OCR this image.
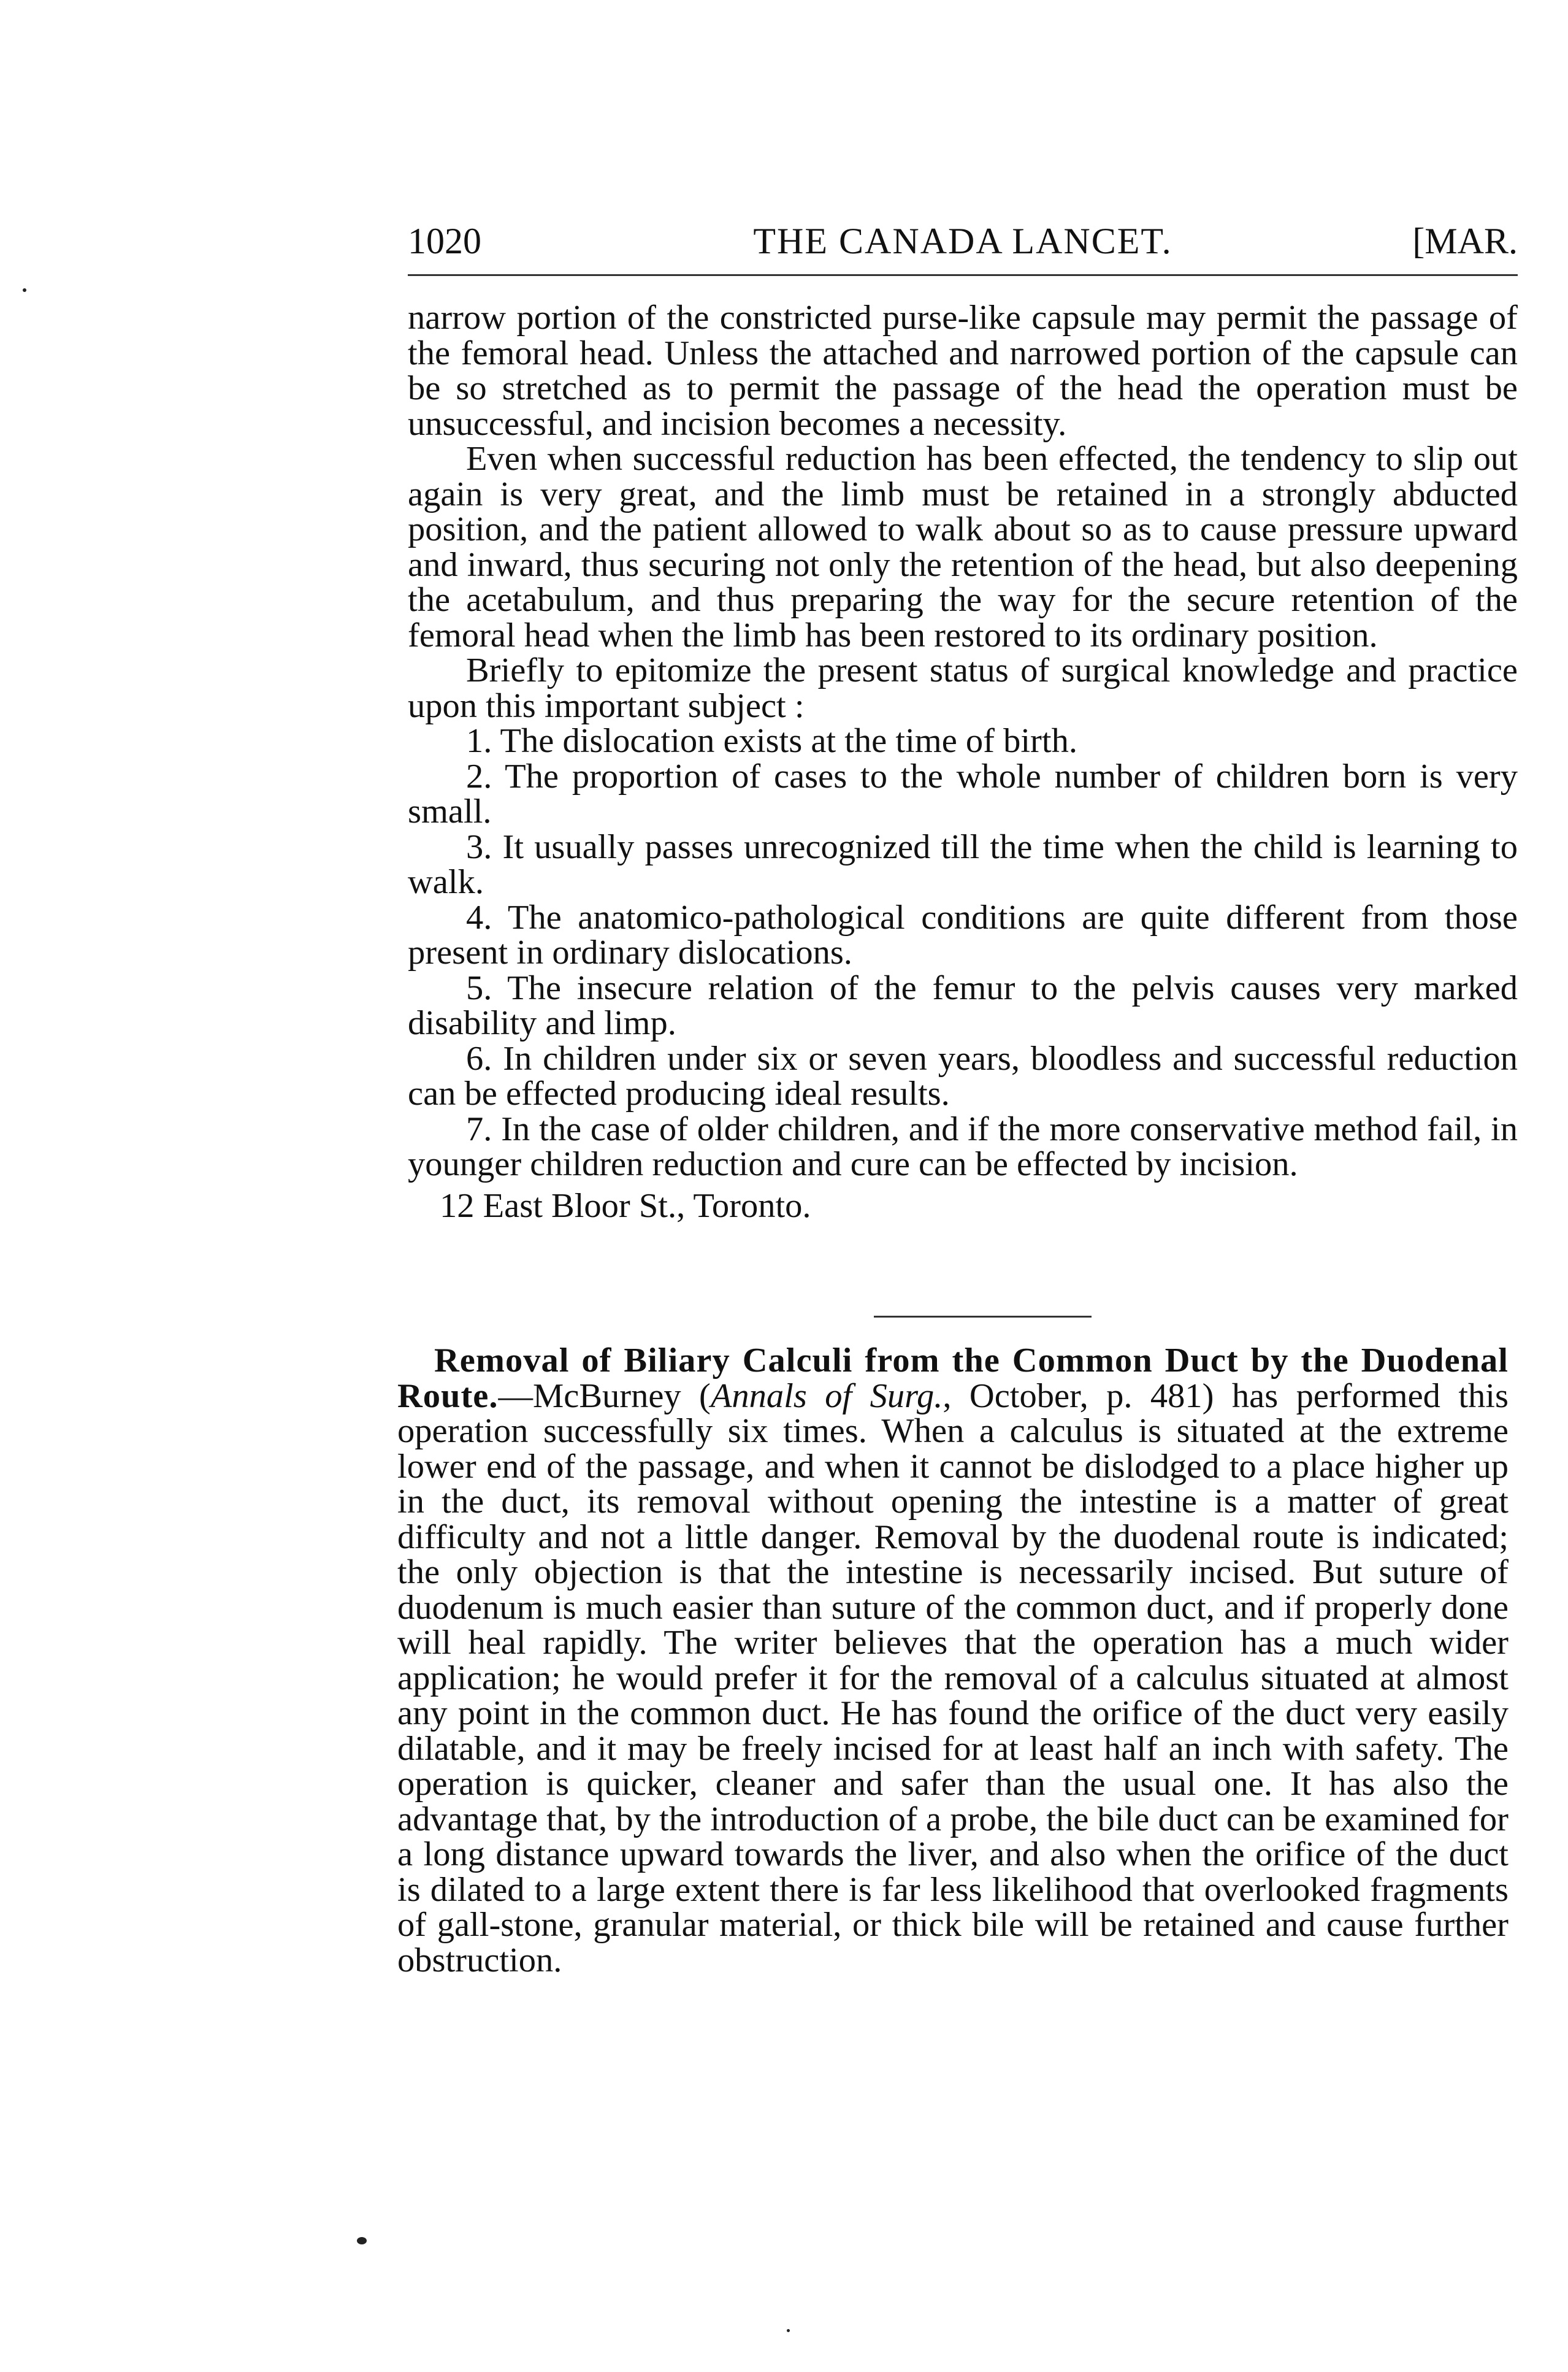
1020	THE CANADA LANCET.	[MAR.

narrow portion of the constricted purse-like capsule may permit the passage of the femoral head. Unless the attached and narrowed portion of the capsule can be so stretched as to permit the passage of the head the operation must be unsuccessful, and incision becomes a necessity.

Even when successful reduction has been effected, the tendency to slip out again is very great, and the limb must be retained in a strongly abducted position, and the patient allowed to walk about so as to cause pressure upward and inward, thus securing not only the retention of the head, but also deepening the acetabulum, and thus preparing the way for the secure retention of the femoral head when the limb has been restored to its ordinary position.

Briefly to epitomize the present status of surgical knowledge and practice upon this important subject :

1. The dislocation exists at the time of birth.

2. The proportion of cases to the whole number of children born is very small.

3. It usually passes unrecognized till the time when the child is learning to walk.

4. The anatomico-pathological conditions are quite different from those present in ordinary dislocations.

5. The insecure relation of the femur to the pelvis causes very marked disability and limp.

6. In children under six or seven years, bloodless and successful reduction can be effected producing ideal results.

7. In the case of older children, and if the more conservative method fail, in younger children reduction and cure can be effected by incision.

12 East Bloor St., Toronto.

Removal of Biliary Calculi from the Common Duct by the Duodenal Route.—McBurney (Annals of Surg., October, p. 481) has performed this operation successfully six times. When a calculus is situated at the extreme lower end of the passage, and when it cannot be dislodged to a place higher up in the duct, its removal without opening the intestine is a matter of great difficulty and not a little danger. Removal by the duodenal route is indicated; the only objection is that the intestine is necessarily incised. But suture of duodenum is much easier than suture of the common duct, and if properly done will heal rapidly. The writer believes that the operation has a much wider application; he would prefer it for the removal of a calculus situated at almost any point in the common duct. He has found the orifice of the duct very easily dilatable, and it may be freely incised for at least half an inch with safety. The operation is quicker, cleaner and safer than the usual one. It has also the advantage that, by the introduction of a probe, the bile duct can be examined for a long distance upward towards the liver, and also when the orifice of the duct is dilated to a large extent there is far less likelihood that overlooked fragments of gall-stone, granular material, or thick bile will be retained and cause further obstruction.
